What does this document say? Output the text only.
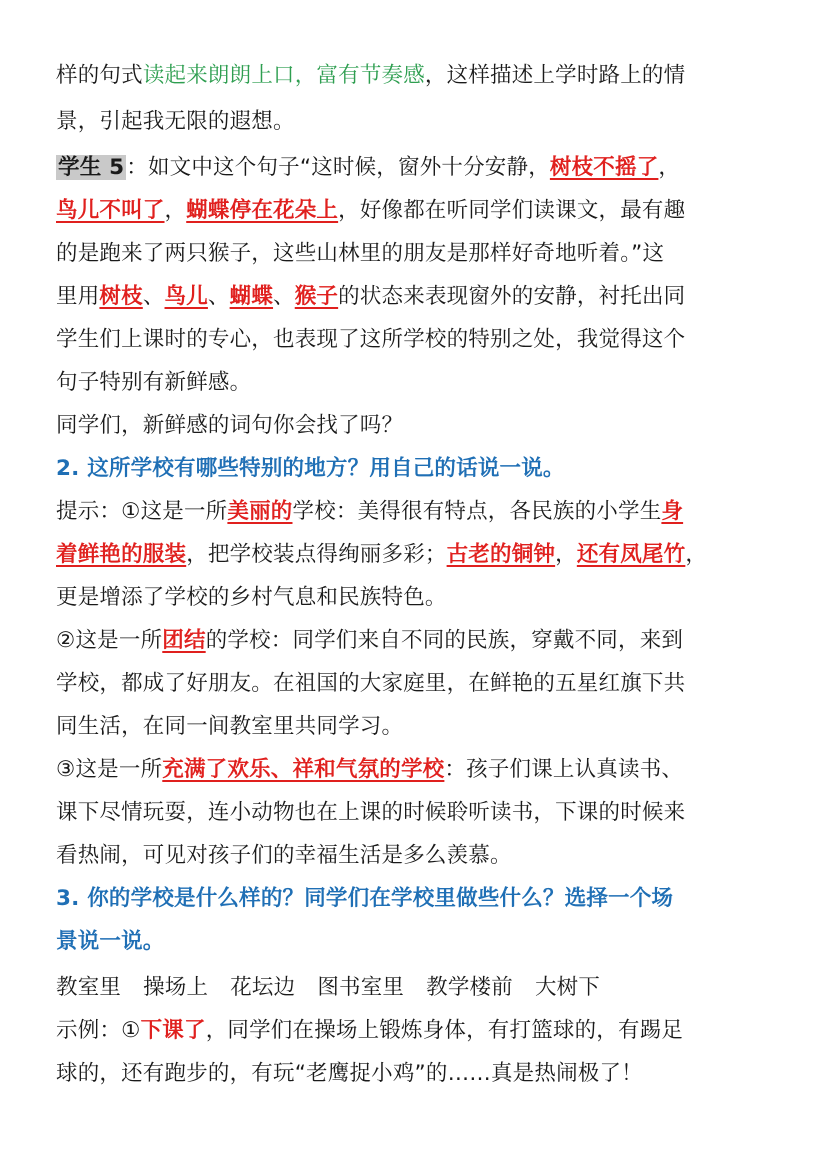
样的句式读起来朗朗上口，富有节奏感，这样描述上学时路上的情
景，引起我无限的遐想。
学生 5：如文中这个句子“这时候，窗外十分安静，树枝不摇了，
鸟儿不叫了，蝴蝶停在花朵上，好像都在听同学们读课文，最有趣
的是跑来了两只猴子，这些山林里的朋友是那样好奇地听着。”这
里用树枝、鸟儿、蝴蝶、猴子的状态来表现窗外的安静，衬托出同
学生们上课时的专心，也表现了这所学校的特别之处，我觉得这个
句子特别有新鲜感。
同学们，新鲜感的词句你会找了吗？
2. 这所学校有哪些特别的地方？用自己的话说一说。
提示：①这是一所美丽的学校：美得很有特点，各民族的小学生身
着鲜艳的服装，把学校装点得绚丽多彩；古老的铜钟，还有凤尾竹，
更是增添了学校的乡村气息和民族特色。
②这是一所团结的学校：同学们来自不同的民族，穿戴不同，来到
学校，都成了好朋友。在祖国的大家庭里，在鲜艳的五星红旗下共
同生活，在同一间教室里共同学习。
③这是一所充满了欢乐、祥和气氛的学校：孩子们课上认真读书、
课下尽情玩耍，连小动物也在上课的时候聆听读书，下课的时候来
看热闹，可见对孩子们的幸福生活是多么羡慕。
3. 你的学校是什么样的？同学们在学校里做些什么？选择一个场
景说一说。
教室里 操场上 花坛边 图书室里 教学楼前 大树下
示例：①下课了，同学们在操场上锻炼身体，有打篮球的，有踢足
球的，还有跑步的，有玩“老鹰捉小鸡”的……真是热闹极了！
